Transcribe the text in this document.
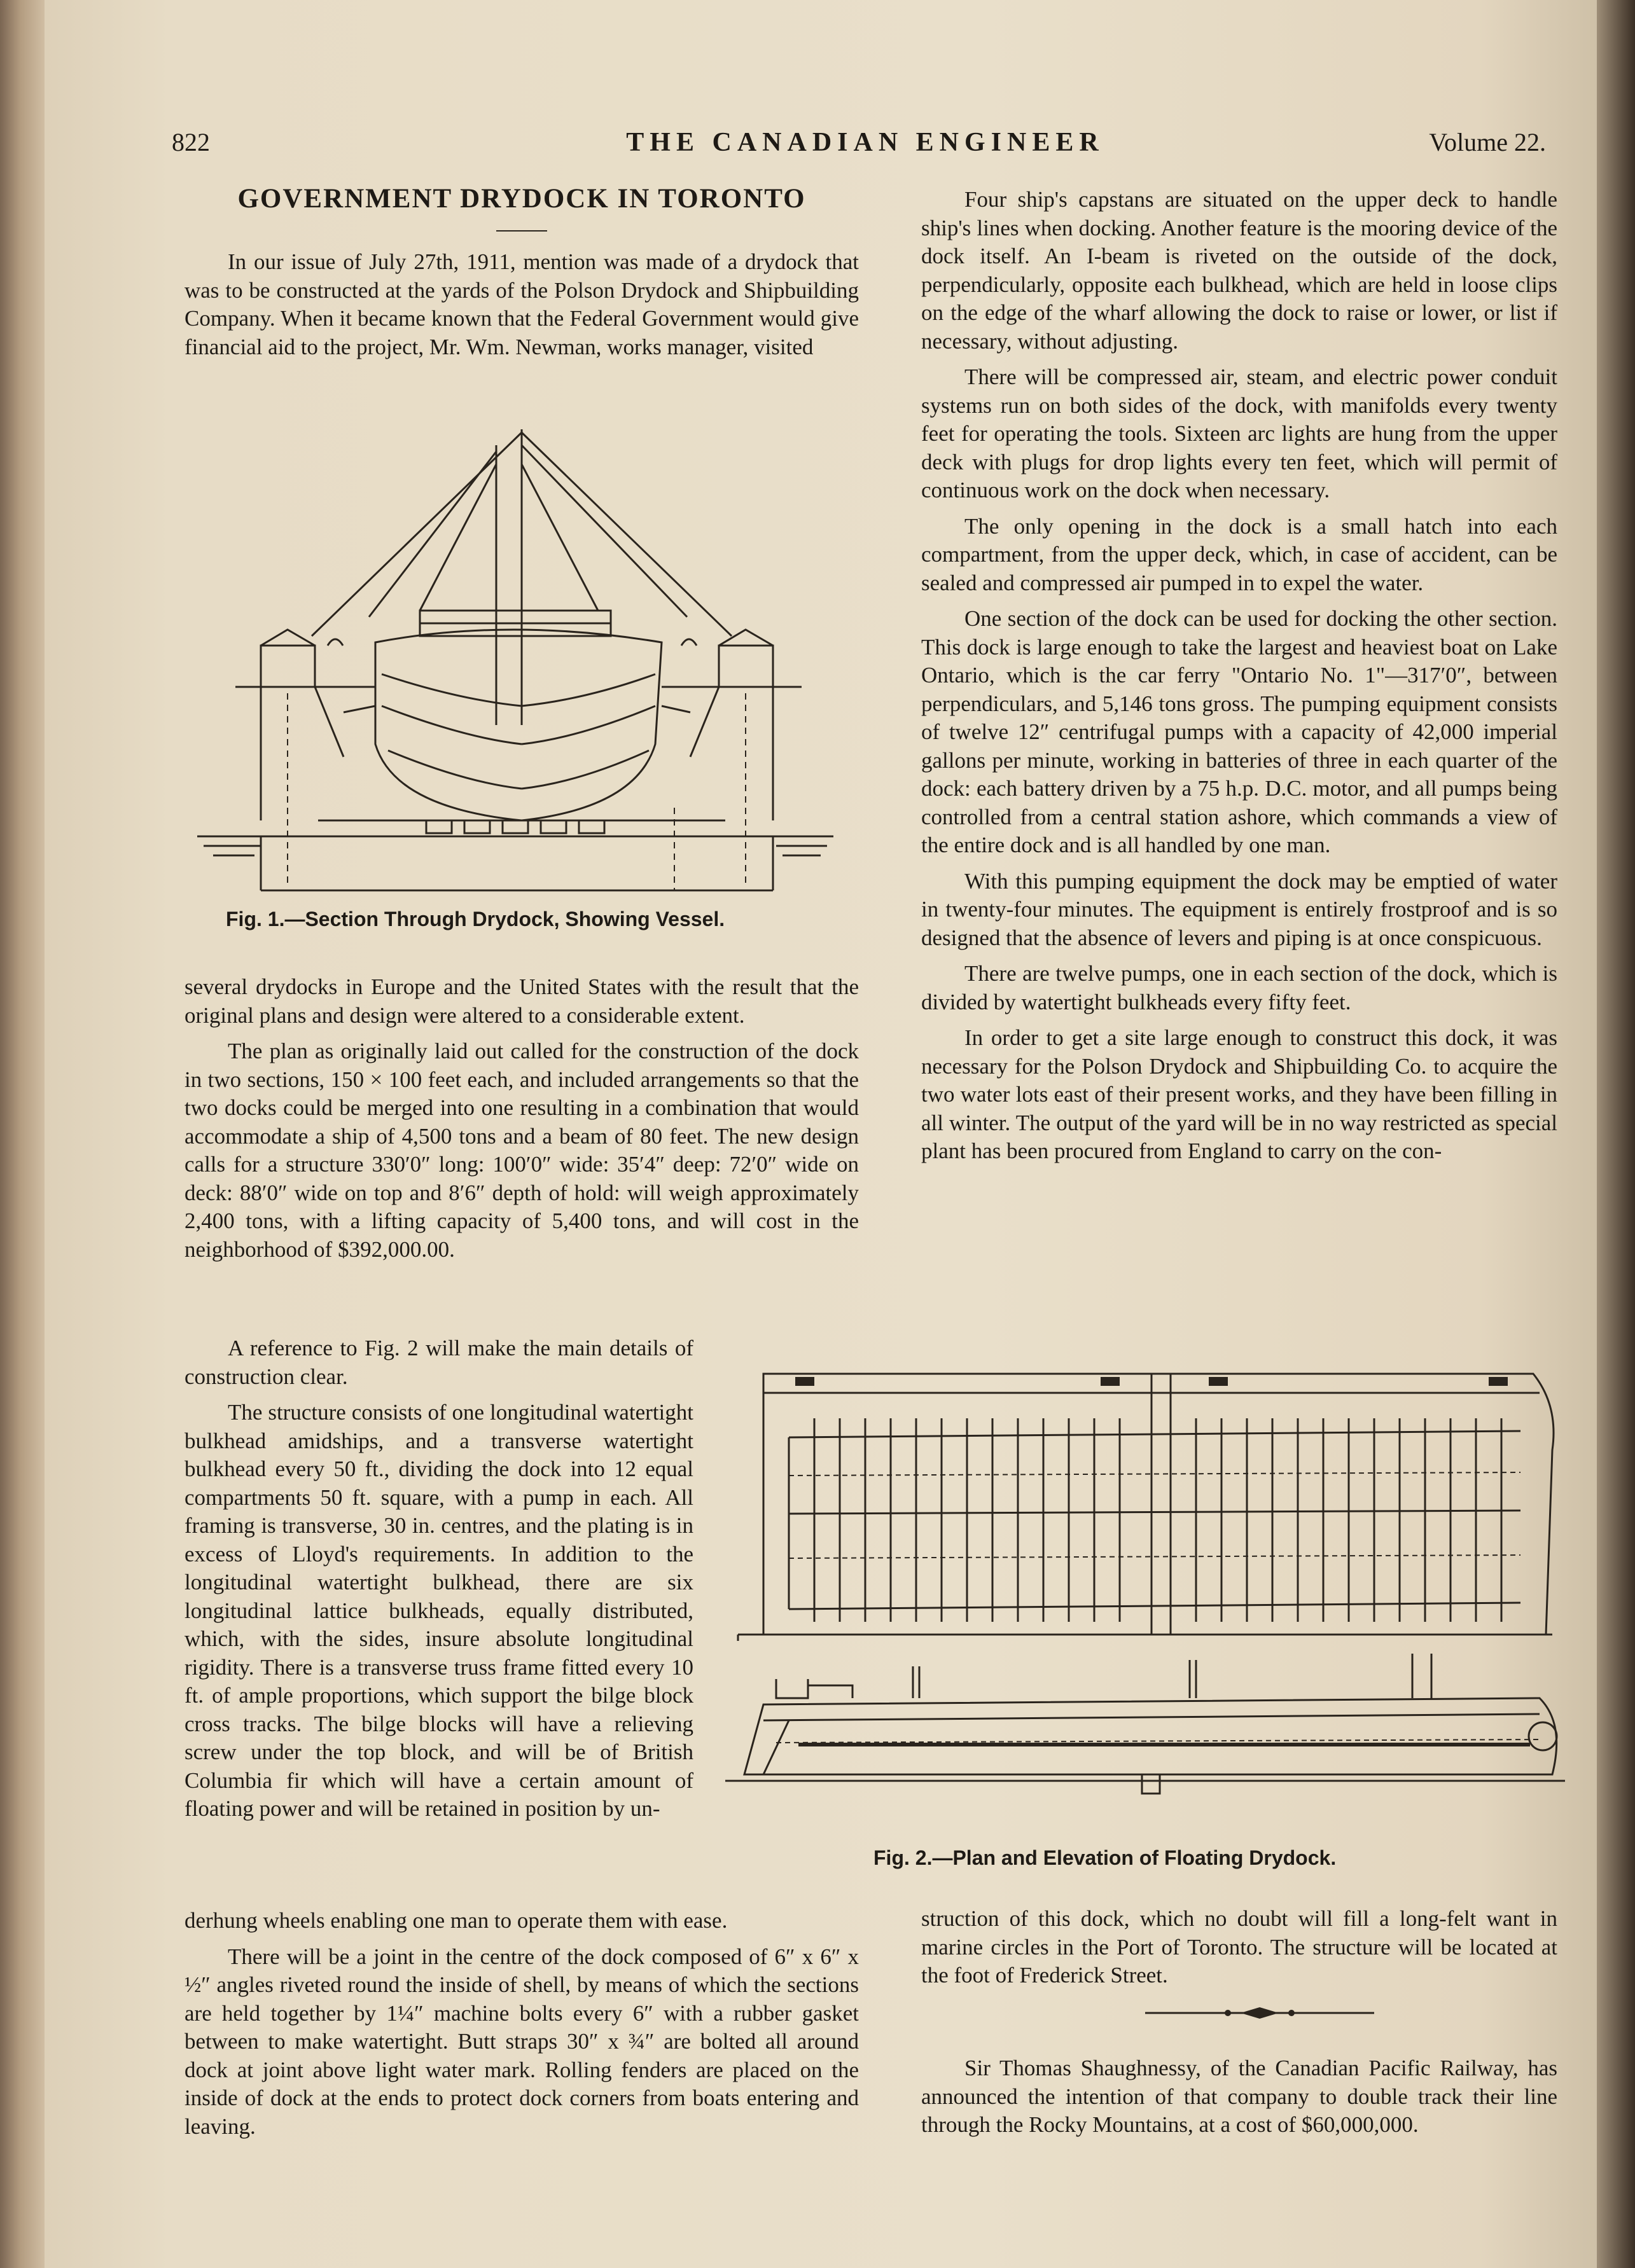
822	THE CANADIAN ENGINEER	Volume 22.
GOVERNMENT DRYDOCK IN TORONTO

In our issue of July 27th, 1911, mention was made of a drydock that was to be constructed at the yards of the Polson Drydock and Shipbuilding Company. When it became known that the Federal Government would give financial aid to the project, Mr. Wm. Newman, works manager, visited

Fig. 1.—Section Through Drydock, Showing Vessel.

several drydocks in Europe and the United States with the result that the original plans and design were altered to a considerable extent.

The plan as originally laid out called for the construction of the dock in two sections, 150 × 100 feet each, and included arrangements so that the two docks could be merged into one resulting in a combination that would accommodate a ship of 4,500 tons and a beam of 80 feet. The new design calls for a structure 330′0″ long: 100′0″ wide: 35′4″ deep: 72′0″ wide on deck: 88′0″ wide on top and 8′6″ depth of hold: will weigh approximately 2,400 tons, with a lifting capacity of 5,400 tons, and will cost in the neighborhood of $392,000.00.

A reference to Fig. 2 will make the main details of construction clear.

The structure consists of one longitudinal watertight bulkhead amidships, and a transverse watertight bulkhead every 50 ft., dividing the dock into 12 equal compartments 50 ft. square, with a pump in each. All framing is transverse, 30 in. centres, and the plating is in excess of Lloyd's requirements. In addition to the longitudinal watertight bulkhead, there are six longitudinal lattice bulkheads, equally distributed, which, with the sides, insure absolute longitudinal rigidity. There is a transverse truss frame fitted every 10 ft. of ample proportions, which support the bilge block cross tracks. The bilge blocks will have a relieving screw under the top block, and will be of British Columbia fir which will have a certain amount of floating power and will be retained in position by un-

derhung wheels enabling one man to operate them with ease.

There will be a joint in the centre of the dock composed of 6″ x 6″ x ½″ angles riveted round the inside of shell, by means of which the sections are held together by 1¼″ machine bolts every 6″ with a rubber gasket between to make watertight. Butt straps 30″ x ¾″ are bolted all around dock at joint above light water mark. Rolling fenders are placed on the inside of dock at the ends to protect dock corners from boats entering and leaving.

Four ship's capstans are situated on the upper deck to handle ship's lines when docking. Another feature is the mooring device of the dock itself. An I-beam is riveted on the outside of the dock, perpendicularly, opposite each bulkhead, which are held in loose clips on the edge of the wharf allowing the dock to raise or lower, or list if necessary, without adjusting.

There will be compressed air, steam, and electric power conduit systems run on both sides of the dock, with manifolds every twenty feet for operating the tools. Sixteen arc lights are hung from the upper deck with plugs for drop lights every ten feet, which will permit of continuous work on the dock when necessary.

The only opening in the dock is a small hatch into each compartment, from the upper deck, which, in case of accident, can be sealed and compressed air pumped in to expel the water.

One section of the dock can be used for docking the other section. This dock is large enough to take the largest and heaviest boat on Lake Ontario, which is the car ferry "Ontario No. 1"—317′0″, between perpendiculars, and 5,146 tons gross. The pumping equipment consists of twelve 12″ centrifugal pumps with a capacity of 42,000 imperial gallons per minute, working in batteries of three in each quarter of the dock: each battery driven by a 75 h.p. D.C. motor, and all pumps being controlled from a central station ashore, which commands a view of the entire dock and is all handled by one man.

With this pumping equipment the dock may be emptied of water in twenty-four minutes. The equipment is entirely frostproof and is so designed that the absence of levers and piping is at once conspicuous.

There are twelve pumps, one in each section of the dock, which is divided by watertight bulkheads every fifty feet.

In order to get a site large enough to construct this dock, it was necessary for the Polson Drydock and Shipbuilding Co. to acquire the two water lots east of their present works, and they have been filling in all winter. The output of the yard will be in no way restricted as special plant has been procured from England to carry on the con-

Fig. 2.—Plan and Elevation of Floating Drydock.

struction of this dock, which no doubt will fill a long-felt want in marine circles in the Port of Toronto. The structure will be located at the foot of Frederick Street.

Sir Thomas Shaughnessy, of the Canadian Pacific Railway, has announced the intention of that company to double track their line through the Rocky Mountains, at a cost of $60,000,000.
